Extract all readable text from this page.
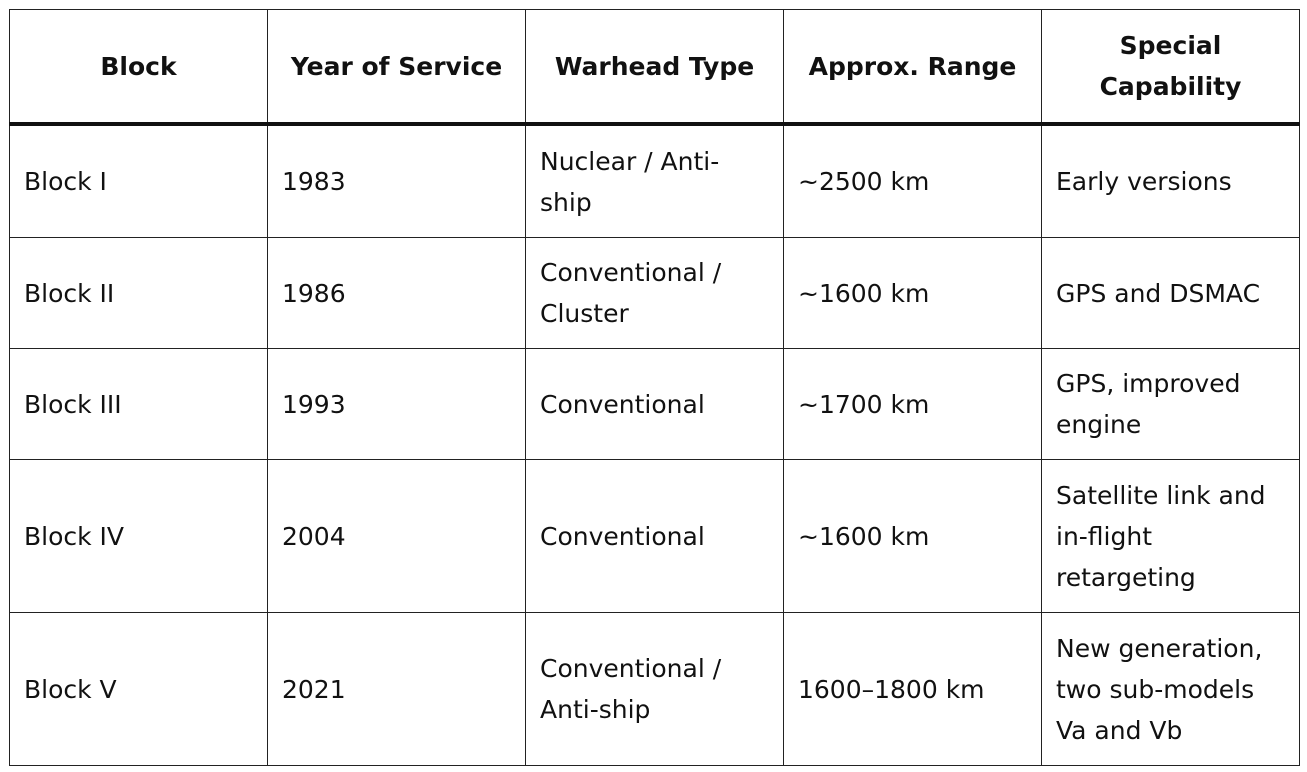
Block	Year of Service	Warhead Type	Approx. Range	Special Capability
Block I	1983	Nuclear / Anti-ship	~2500 km	Early versions
Block II	1986	Conventional / Cluster	~1600 km	GPS and DSMAC
Block III	1993	Conventional	~1700 km	GPS, improved engine
Block IV	2004	Conventional	~1600 km	Satellite link and in-flight retargeting
Block V	2021	Conventional / Anti-ship	1600–1800 km	New generation, two sub-models Va and Vb
